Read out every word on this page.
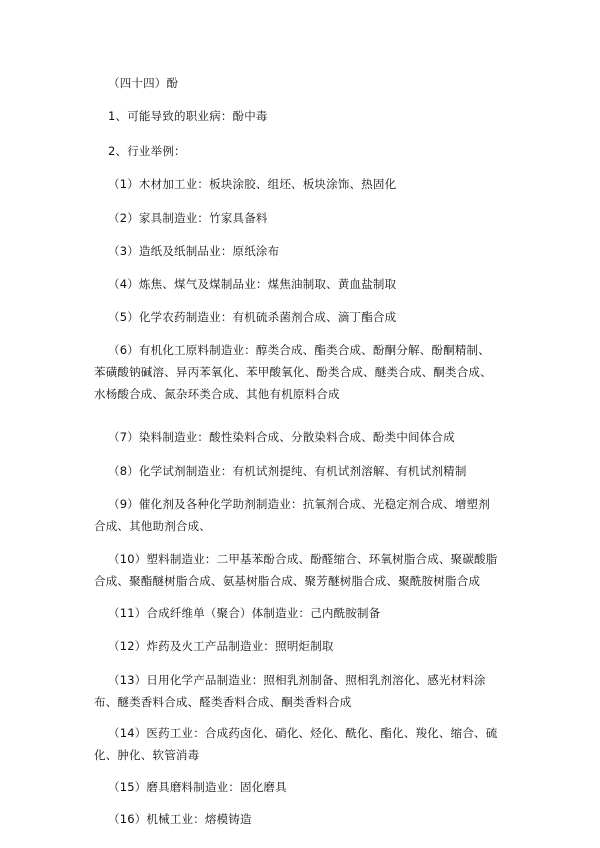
（四十四）酚
1、可能导致的职业病：酚中毒
2、行业举例：
（1）木材加工业：板块涂胶、组坯、板块涂饰、热固化
（2）家具制造业：竹家具备料
（3）造纸及纸制品业：原纸涂布
（4）炼焦、煤气及煤制品业：煤焦油制取、黄血盐制取
（5）化学农药制造业：有机硫杀菌剂合成、滴丁酯合成
（6）有机化工原料制造业：醇类合成、酯类合成、酚酮分解、酚酮精制、苯磺酸钠碱溶、异丙苯氧化、苯甲酸氧化、酚类合成、醚类合成、酮类合成、水杨酸合成、氮杂环类合成、其他有机原料合成
（7）染料制造业：酸性染料合成、分散染料合成、酚类中间体合成
（8）化学试剂制造业：有机试剂提纯、有机试剂溶解、有机试剂精制
（9）催化剂及各种化学助剂制造业：抗氧剂合成、光稳定剂合成、增塑剂合成、其他助剂合成、
（10）塑料制造业：二甲基苯酚合成、酚醛缩合、环氧树脂合成、聚碳酸脂合成、聚酯醚树脂合成、氨基树脂合成、聚芳醚树脂合成、聚酰胺树脂合成
（11）合成纤维单（聚合）体制造业：己内酰胺制备
（12）炸药及火工产品制造业：照明炬制取
（13）日用化学产品制造业：照相乳剂制备、照相乳剂溶化、感光材料涂布、醚类香料合成、醛类香料合成、酮类香料合成
（14）医药工业：合成药卤化、硝化、烃化、酰化、酯化、羧化、缩合、硫化、肿化、软管消毒
（15）磨具磨料制造业：固化磨具
（16）机械工业：熔模铸造
